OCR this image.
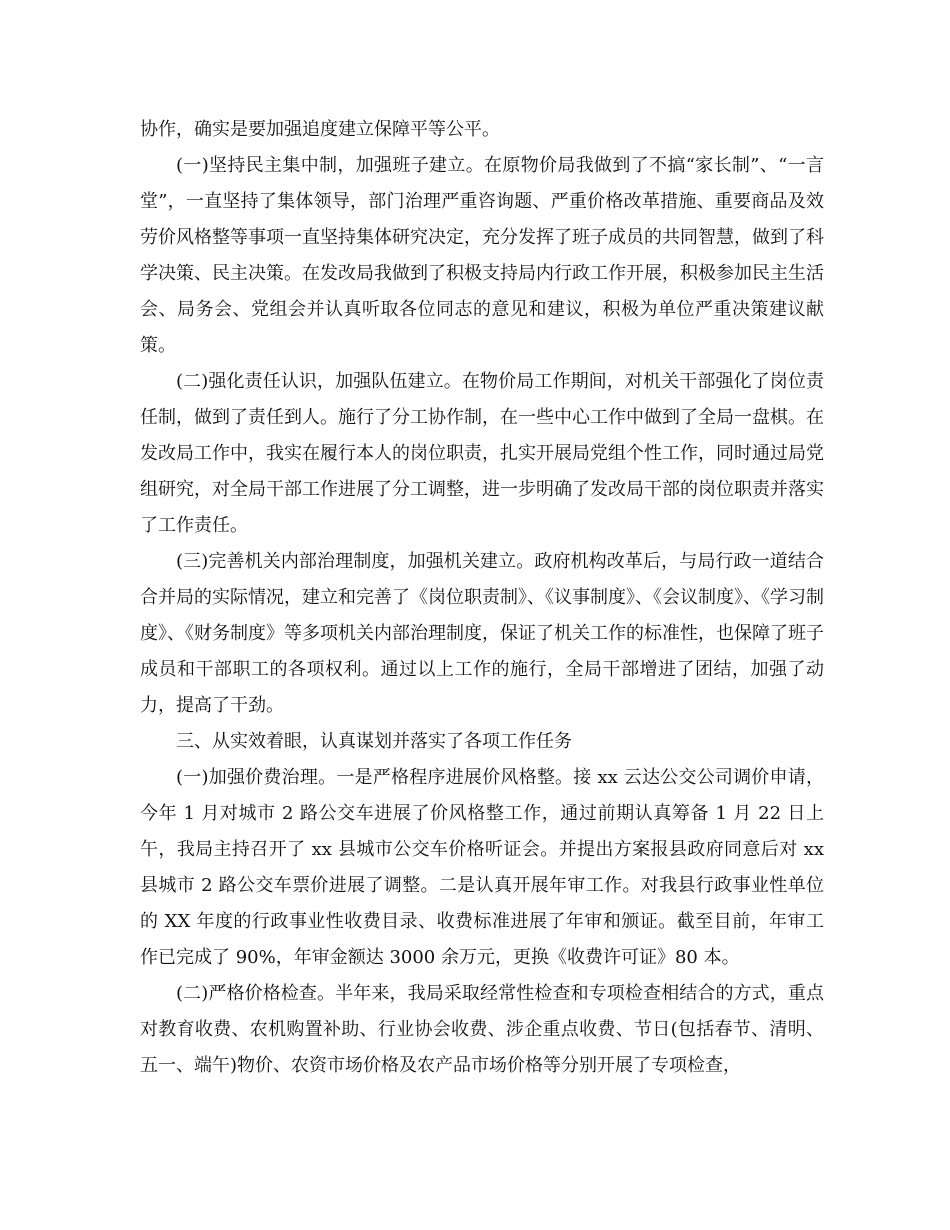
协作，确实是要加强追度建立保障平等公平。

(一)坚持民主集中制，加强班子建立。在原物价局我做到了不搞“家长制”、“一言堂”，一直坚持了集体领导，部门治理严重咨询题、严重价格改革措施、重要商品及效劳价风格整等事项一直坚持集体研究决定，充分发挥了班子成员的共同智慧，做到了科学决策、民主决策。在发改局我做到了积极支持局内行政工作开展，积极参加民主生活会、局务会、党组会并认真听取各位同志的意见和建议，积极为单位严重决策建议献策。

(二)强化责任认识，加强队伍建立。在物价局工作期间，对机关干部强化了岗位责任制，做到了责任到人。施行了分工协作制，在一些中心工作中做到了全局一盘棋。在发改局工作中，我实在履行本人的岗位职责，扎实开展局党组个性工作，同时通过局党组研究，对全局干部工作进展了分工调整，进一步明确了发改局干部的岗位职责并落实了工作责任。

(三)完善机关内部治理制度，加强机关建立。政府机构改革后，与局行政一道结合合并局的实际情况，建立和完善了《岗位职责制》、《议事制度》、《会议制度》、《学习制度》、《财务制度》等多项机关内部治理制度，保证了机关工作的标准性，也保障了班子成员和干部职工的各项权利。通过以上工作的施行，全局干部增进了团结，加强了动力，提高了干劲。

三、从实效着眼，认真谋划并落实了各项工作任务

(一)加强价费治理。一是严格程序进展价风格整。接 xx 云达公交公司调价申请，今年 1 月对城市 2 路公交车进展了价风格整工作，通过前期认真筹备 1 月 22 日上午，我局主持召开了 xx 县城市公交车价格听证会。并提出方案报县政府同意后对 xx 县城市 2 路公交车票价进展了调整。二是认真开展年审工作。对我县行政事业性单位的 XX 年度的行政事业性收费目录、收费标准进展了年审和颁证。截至目前，年审工作已完成了 90%，年审金额达 3000 余万元，更换《收费许可证》80 本。

(二)严格价格检查。半年来，我局采取经常性检查和专项检查相结合的方式，重点对教育收费、农机购置补助、行业协会收费、涉企重点收费、节日(包括春节、清明、五一、端午)物价、农资市场价格及农产品市场价格等分别开展了专项检查，
